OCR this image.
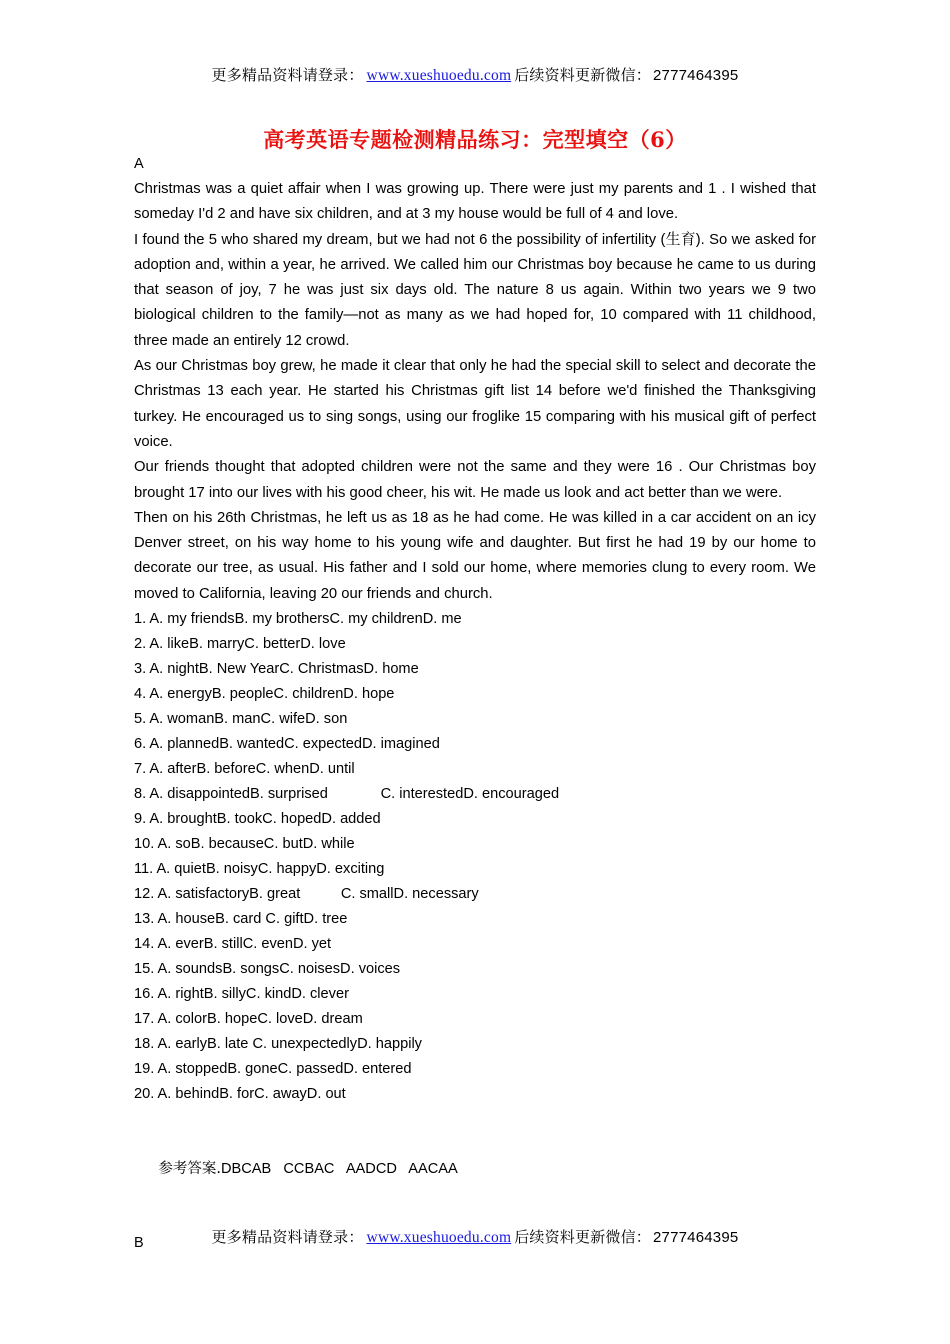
更多精品资料请登录： www.xueshuoedu.com 后续资料更新微信： 2777464395
高考英语专题检测精品练习：完型填空（6）
A

Christmas was a quiet affair when I was growing up. There were just my parents and 1 . I wished that someday I'd 2 and have six children, and at 3 my house would be full of 4 and love.

I found the 5 who shared my dream, but we had not 6 the possibility of infertility (生育). So we asked for adoption and, within a year, he arrived. We called him our Christmas boy because he came to us during that season of joy, 7 he was just six days old. The nature 8 us again. Within two years we 9 two biological children to the family—not as many as we had hoped for, 10 compared with 11 childhood, three made an entirely 12 crowd.

As our Christmas boy grew, he made it clear that only he had the special skill to select and decorate the Christmas 13 each year. He started his Christmas gift list 14 before we'd finished the Thanksgiving turkey. He encouraged us to sing songs, using our froglike 15 comparing with his musical gift of perfect voice.

Our friends thought that adopted children were not the same and they were 16 . Our Christmas boy brought 17 into our lives with his good cheer, his wit. He made us look and act better than we were.

Then on his 26th Christmas, he left us as 18 as he had come. He was killed in a car accident on an icy Denver street, on his way home to his young wife and daughter. But first he had 19 by our home to decorate our tree, as usual. His father and I sold our home, where memories clung to every room. We moved to California, leaving 20 our friends and church.

1. A. my friendsB. my brothersC. my childrenD. me
2. A. likeB. marryC. betterD. love
3. A. nightB. New YearC. ChristmasD. home
4. A. energyB. peopleC. childrenD. hope
5. A. womanB. manC. wifeD. son
6. A. plannedB. wantedC. expectedD. imagined
7. A. afterB. beforeC. whenD. until
8. A. disappointedB. surprised             C. interestedD. encouraged
9. A. broughtB. tookC. hopedD. added
10. A. soB. becauseC. butD. while
11. A. quietB. noisyC. happyD. exciting
12. A. satisfactoryB. great          C. smallD. necessary
13. A. houseB. card C. giftD. tree
14. A. everB. stillC. evenD. yet
15. A. soundsB. songsC. noisesD. voices
16. A. rightB. sillyC. kindD. clever
17. A. colorB. hopeC. loveD. dream
18. A. earlyB. late C. unexpectedlyD. happily
19. A. stoppedB. goneC. passedD. entered
20. A. behindB. forC. awayD. out

参考答案.DBCAB   CCBAC   AADCD   AACAA

B	更多精品资料请登录： www.xueshuoedu.com 后续资料更新微信： 2777464395
